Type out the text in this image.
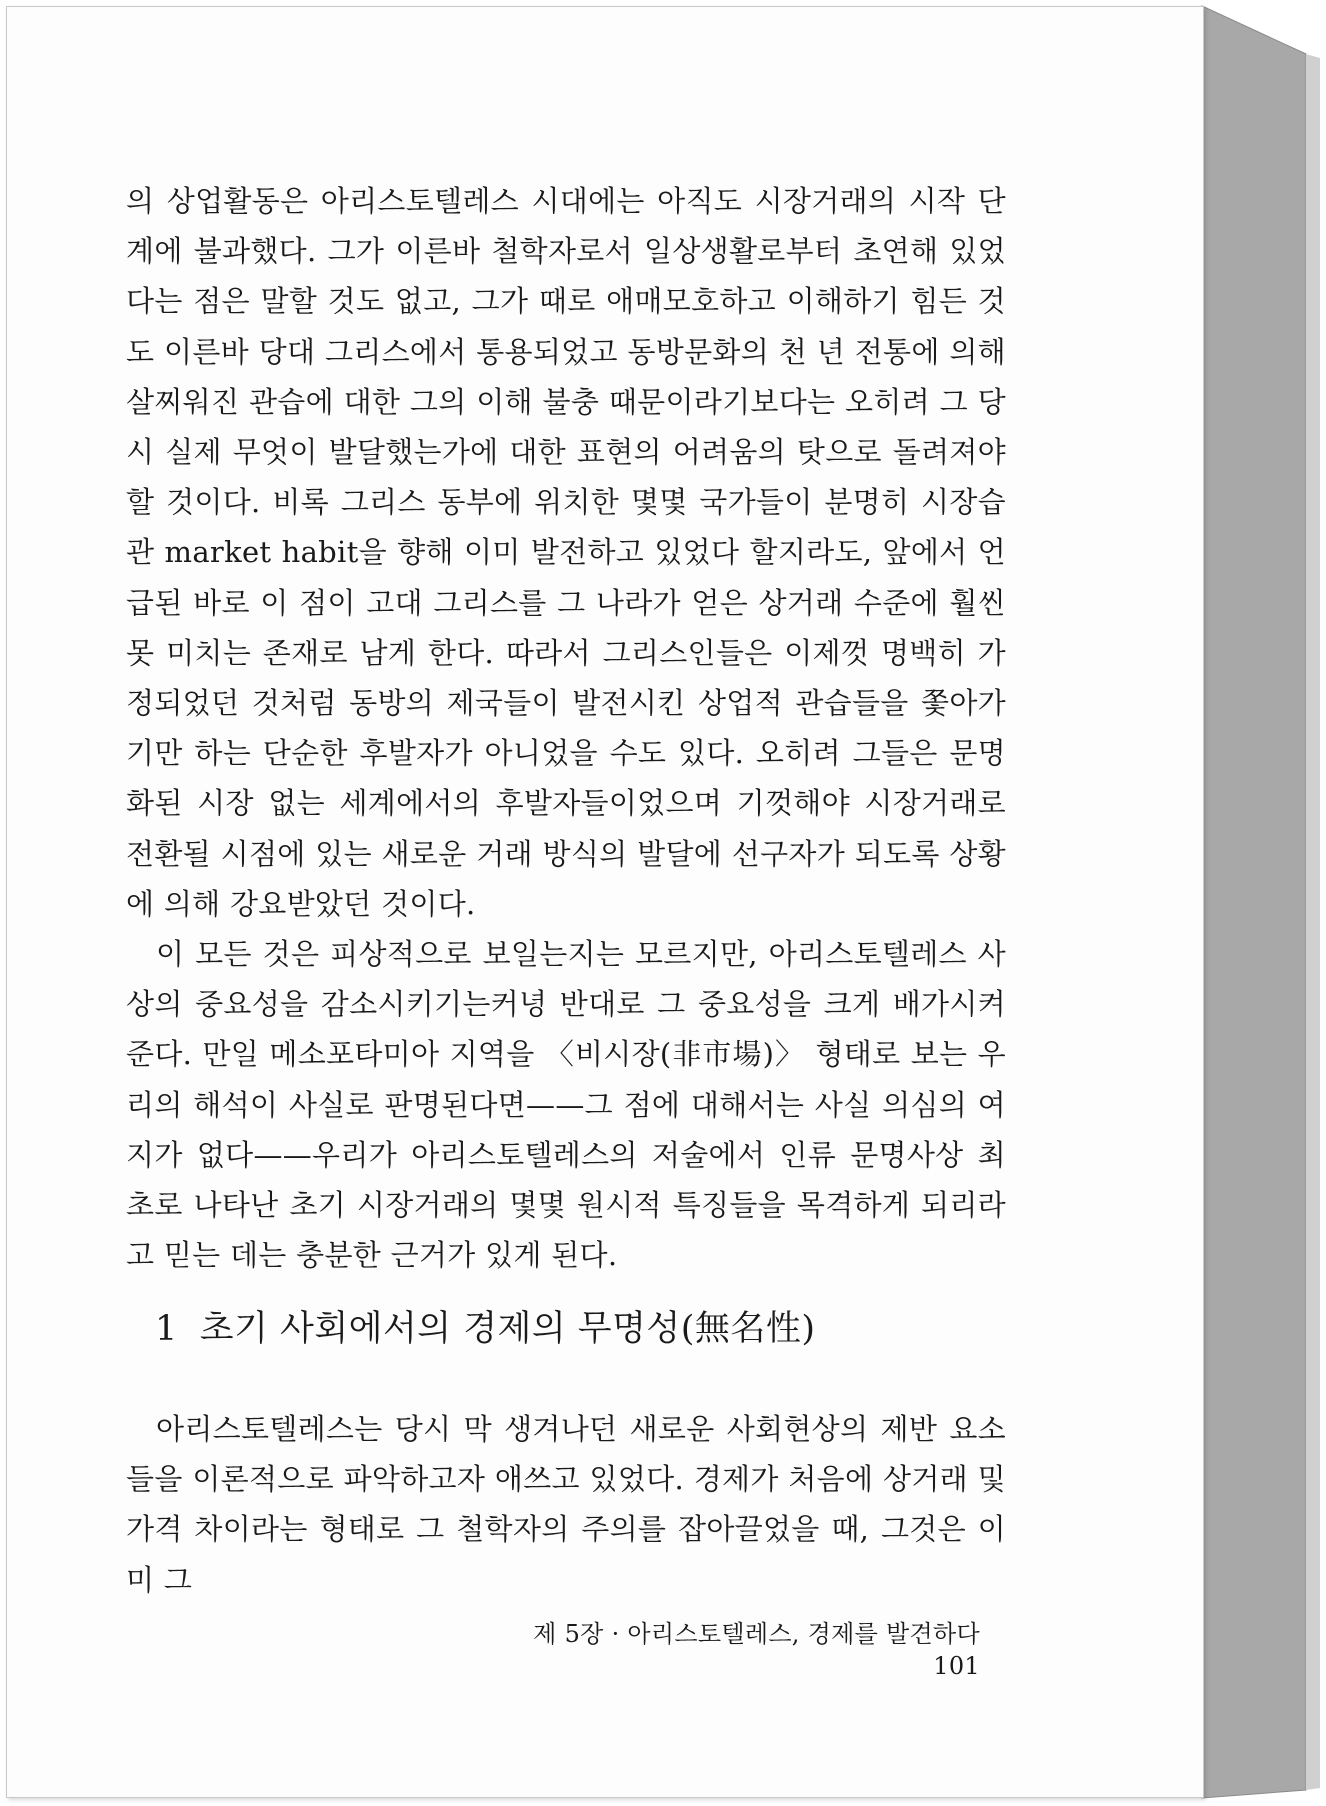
의 상업활동은 아리스토텔레스 시대에는 아직도 시장거래의 시작 단계에 불과했다. 그가 이른바 철학자로서 일상생활로부터 초연해 있었다는 점은 말할 것도 없고, 그가 때로 애매모호하고 이해하기 힘든 것도 이른바 당대 그리스에서 통용되었고 동방문화의 천 년 전통에 의해 살찌워진 관습에 대한 그의 이해 불충 때문이라기보다는 오히려 그 당시 실제 무엇이 발달했는가에 대한 표현의 어려움의 탓으로 돌려져야 할 것이다. 비록 그리스 동부에 위치한 몇몇 국가들이 분명히 시장습관 market habit을 향해 이미 발전하고 있었다 할지라도, 앞에서 언급된 바로 이 점이 고대 그리스를 그 나라가 얻은 상거래 수준에 훨씬 못 미치는 존재로 남게 한다. 따라서 그리스인들은 이제껏 명백히 가정되었던 것처럼 동방의 제국들이 발전시킨 상업적 관습들을 쫓아가기만 하는 단순한 후발자가 아니었을 수도 있다. 오히려 그들은 문명화된 시장 없는 세계에서의 후발자들이었으며 기껏해야 시장거래로 전환될 시점에 있는 새로운 거래 방식의 발달에 선구자가 되도록 상황에 의해 강요받았던 것이다.

이 모든 것은 피상적으로 보일는지는 모르지만, 아리스토텔레스 사상의 중요성을 감소시키기는커녕 반대로 그 중요성을 크게 배가시켜준다. 만일 메소포타미아 지역을 〈비시장(非市場)〉 형태로 보는 우리의 해석이 사실로 판명된다면——그 점에 대해서는 사실 의심의 여지가 없다——우리가 아리스토텔레스의 저술에서 인류 문명사상 최초로 나타난 초기 시장거래의 몇몇 원시적 특징들을 목격하게 되리라고 믿는 데는 충분한 근거가 있게 된다.

1 초기 사회에서의 경제의 무명성(無名性)

아리스토텔레스는 당시 막 생겨나던 새로운 사회현상의 제반 요소들을 이론적으로 파악하고자 애쓰고 있었다. 경제가 처음에 상거래 및 가격 차이라는 형태로 그 철학자의 주의를 잡아끌었을 때, 그것은 이미 그

제 5장 · 아리스토텔레스, 경제를 발견하다101
